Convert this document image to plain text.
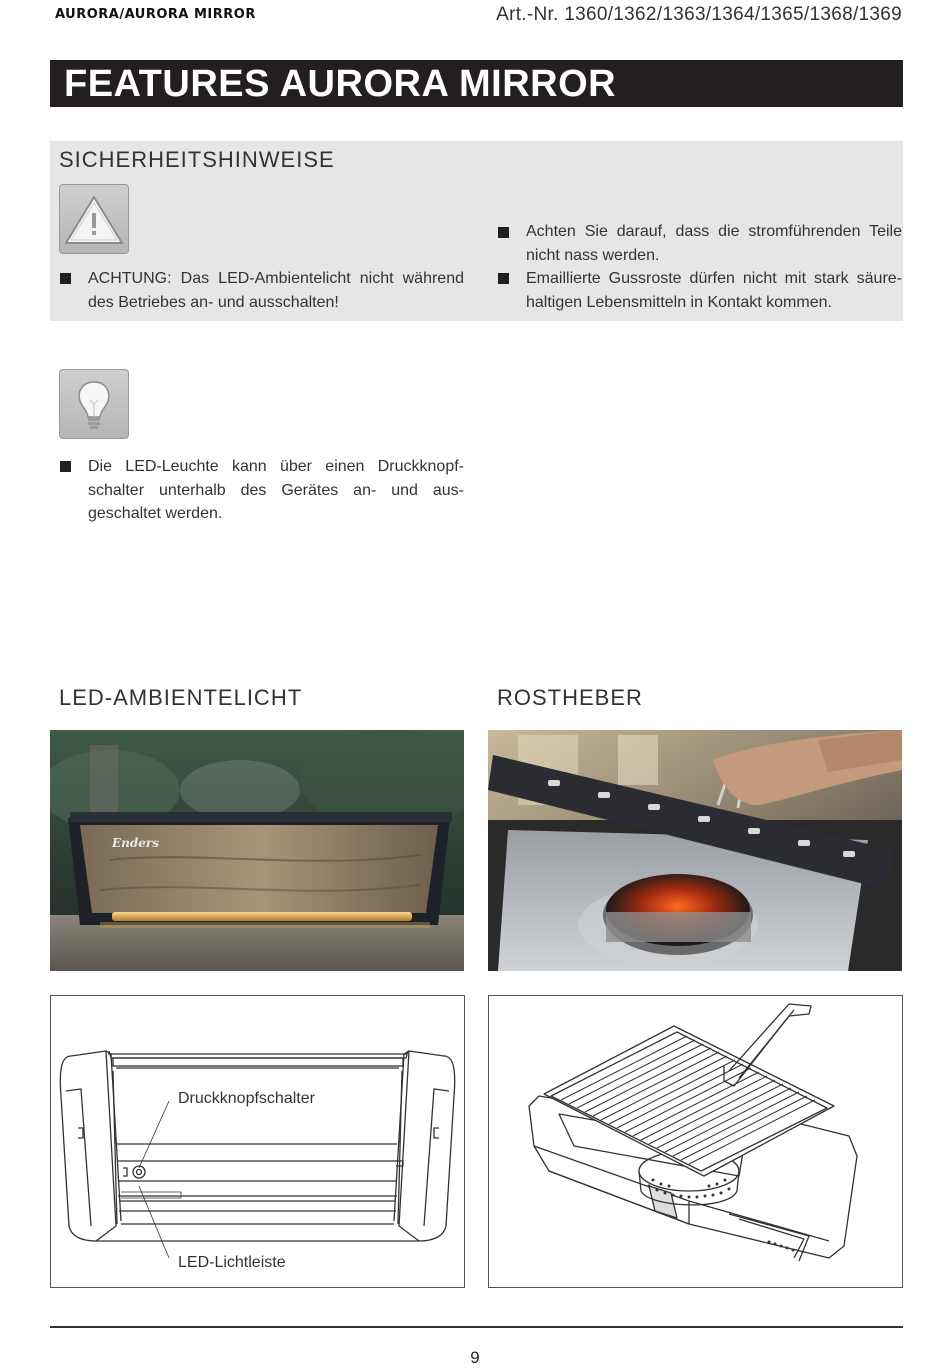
AURORA/AURORA MIRROR	Art.-Nr. 1360/1362/1363/1364/1365/1368/1369
FEATURES AURORA MIRROR
SICHERHEITSHINWEISE
ACHTUNG: Das LED-Ambientelicht nicht während des Betriebes an- und ausschalten!
Achten Sie darauf, dass die stromführenden Teile nicht nass werden.
Emaillierte Gussroste dürfen nicht mit stark säure-haltigen Lebensmitteln in Kontakt kommen.
Die LED-Leuchte kann über einen Druckknopf-schalter unterhalb des Gerätes an- und aus-geschaltet werden.
LED-AMBIENTELICHT	ROSTHEBER
Enders
Druckknopfschalter
LED-Lichtleiste
9
